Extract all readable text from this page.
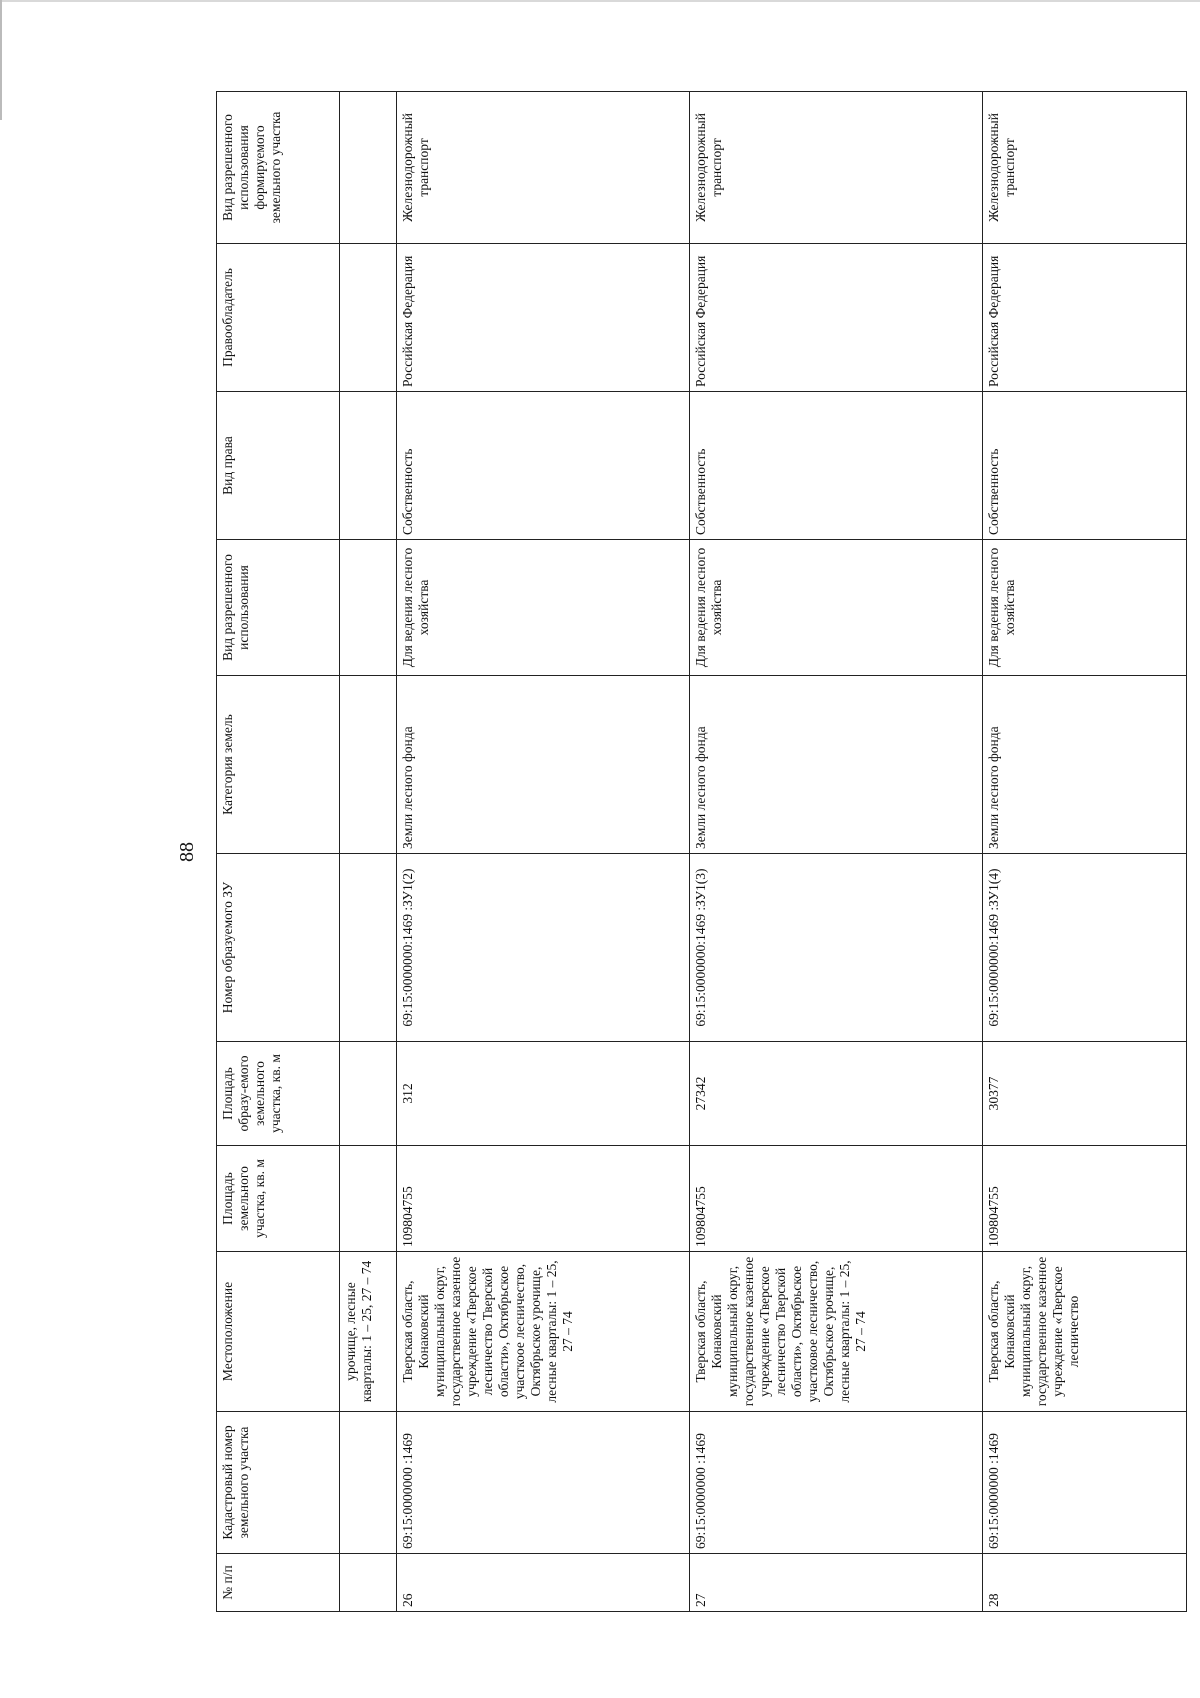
88
№ п/п	Кадастровый номер земельного участка	Местоположение	Площадь земельного участка, кв. м	Площадь образу-емого земельного участка, кв. м	Номер образуемого ЗУ	Категория земель	Вид разрешенного использования	Вид права	Правообладатель	Вид разрешенного использования формируемого земельного участка
		урочище, лесные кварталы: 1 – 25, 27 – 74								
26	69:15:0000000 :1469	Тверская область, Конаковский муниципальный округ, государственное казенное учреждение «Тверское лесничество Тверской области», Октябрьское участкоое лесничество, Октябрьское урочище, лесные кварталы: 1 – 25, 27 – 74	109804755	312	69:15:0000000:1469 :ЗУ1(2)	Земли лесного фонда	Для ведения лесного хозяйства	Собственность	Российская Федерация	Железнодорожный транспорт
27	69:15:0000000 :1469	Тверская область, Конаковский муниципальный округ, государственное казенное учреждение «Тверское лесничество Тверской области», Октябрьское участковое лесничество, Октябрьское урочище, лесные кварталы: 1 – 25, 27 – 74	109804755	27342	69:15:0000000:1469 :ЗУ1(3)	Земли лесного фонда	Для ведения лесного хозяйства	Собственность	Российская Федерация	Железнодорожный транспорт
28	69:15:0000000 :1469	Тверская область, Конаковский муниципальный округ, государственное казенное учреждение «Тверское лесничество	109804755	30377	69:15:0000000:1469 :ЗУ1(4)	Земли лесного фонда	Для ведения лесного хозяйства	Собственность	Российская Федерация	Железнодорожный транспорт
